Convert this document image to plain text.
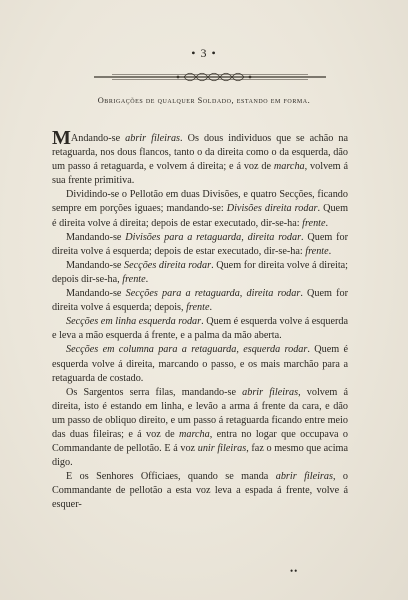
• 3 •
Obrigações de qualquer Soldado, estando em forma.

MAndando-se abrir fileiras. Os dous individuos que se achão na retaguarda, nos dous flancos, tanto o da direita como o da esquerda, dão um passo á retaguarda, e volvem á direita; e á voz de marcha, volvem á sua frente primitiva.

Dividindo-se o Pellotão em duas Divisões, e quatro Secções, ficando sempre em porções iguaes; mandando-se: Divisões direita rodar. Quem é direita volve á direita; depois de estar executado, dir-se-ha: frente.

Mandando-se Divisões para a retaguarda, direita rodar. Quem for direita volve á esquerda; depois de estar executado, dir-se-ha: frente.

Mandando-se Secções direita rodar. Quem for direita volve á direita; depois dir-se-ha, frente.

Mandando-se Secções para a retaguarda, direita rodar. Quem for direita volve á esquerda; depois, frente.

Secções em linha esquerda rodar. Quem é esquerda volve á esquerda e leva a mão esquerda á frente, e a palma da mão aberta.

Secções em columna para a retaguarda, esquerda rodar. Quem é esquerda volve á direita, marcando o passo, e os mais marchão para a retaguarda de costado.

Os Sargentos serra filas, mandando-se abrir fileiras, volvem á direita, isto é estando em linha, e levão a arma á frente da cara, e dão um passo de obliquo direito, e um passo á retaguarda ficando entre meio das duas fileiras; e á voz de marcha, entra no logar que occupava o Commandante de pellotão. E á voz unir fileiras, faz o mesmo que acima digo.

E os Senhores Officiaes, quando se manda abrir fileiras, o Commandante de pellotão a esta voz leva a espada á frente, volve á esquer-

••
